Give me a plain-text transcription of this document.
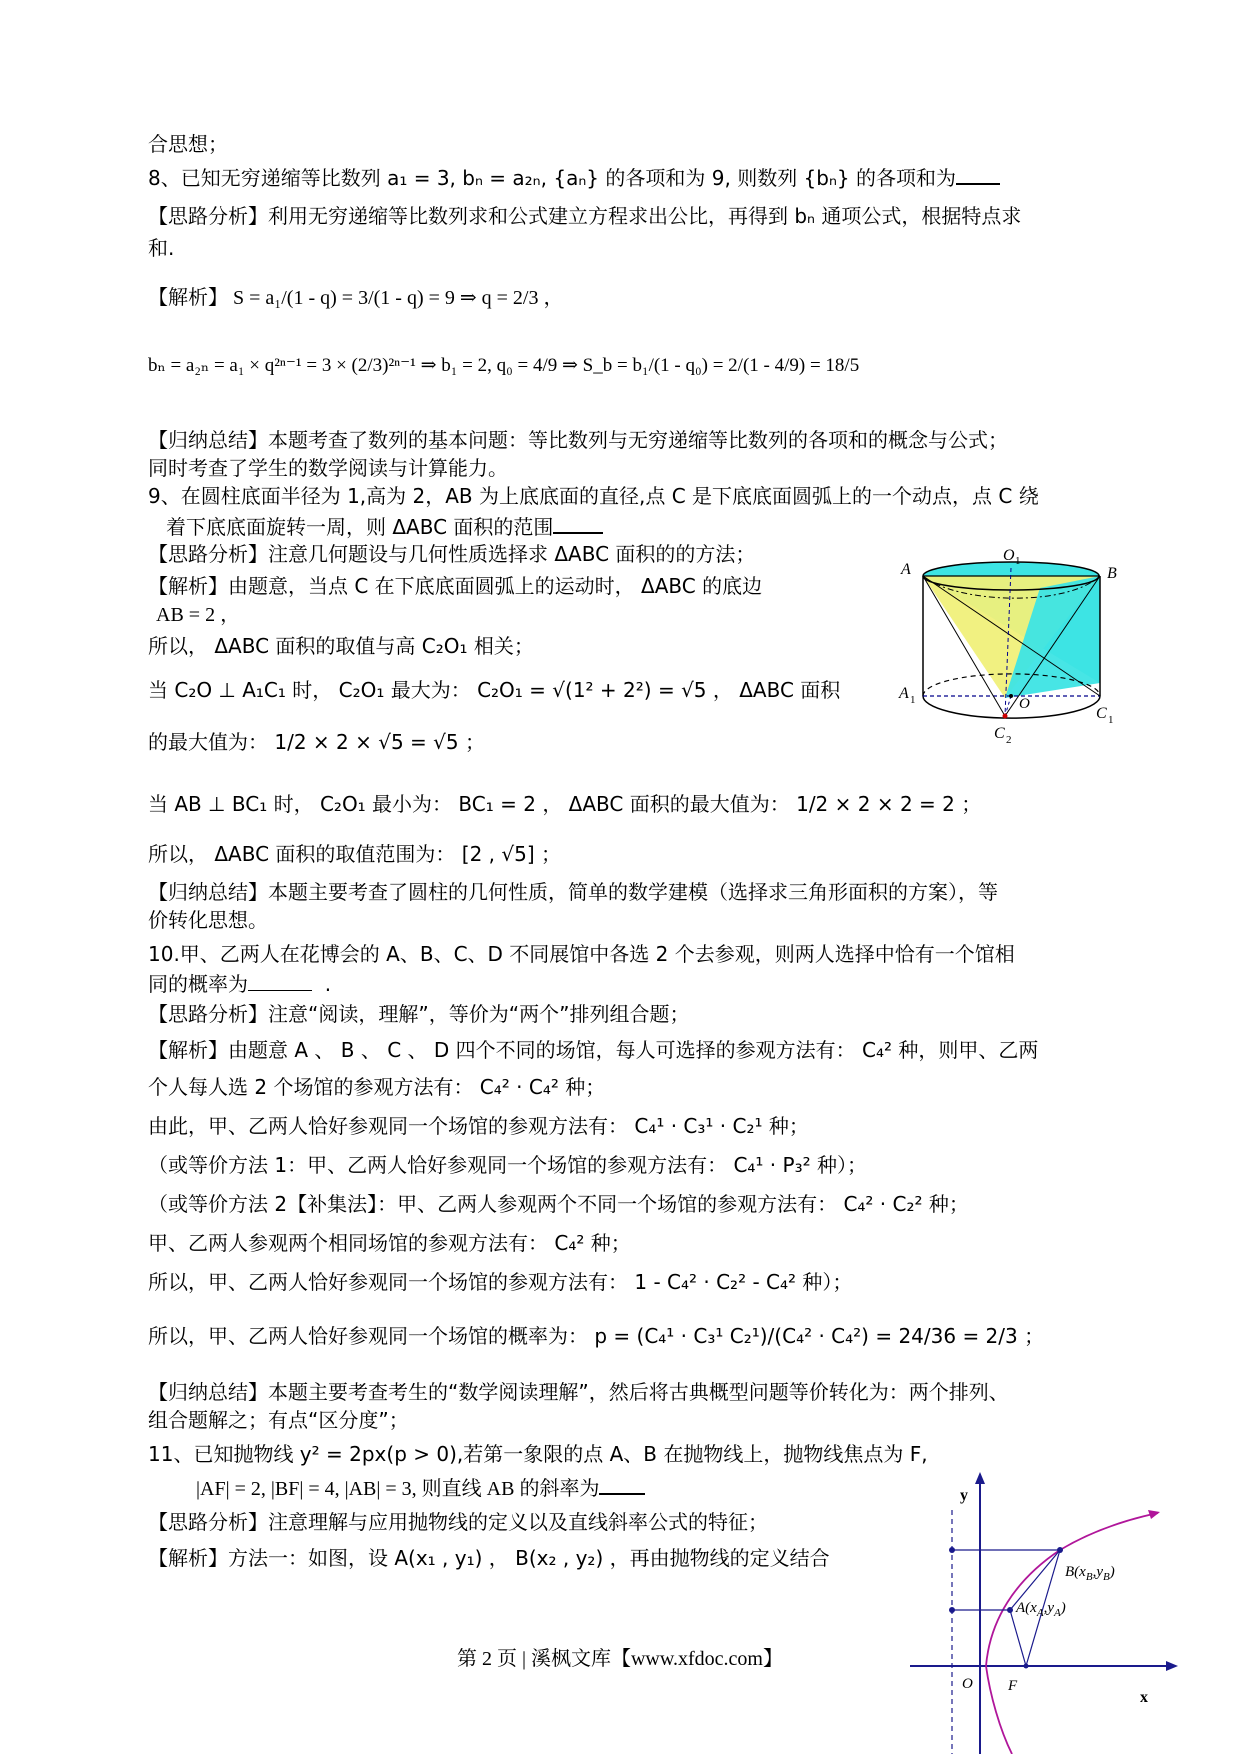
合思想；
8、已知无穷递缩等比数列 a₁ = 3, bₙ = a₂ₙ, {aₙ} 的各项和为 9, 则数列 {bₙ} 的各项和为
【思路分析】利用无穷递缩等比数列求和公式建立方程求出公比，再得到 bₙ 通项公式，根据特点求
和.
【解析】 S = a₁/(1 - q) = 3/(1 - q) = 9 ⇒ q = 2/3 ，
bₙ = a₂ₙ = a₁ × q²ⁿ⁻¹ = 3 × (2/3)²ⁿ⁻¹ ⇒ b₁ = 2, q₀ = 4/9 ⇒ S_b = b₁/(1 - q₀) = 2/(1 - 4/9) = 18/5
【归纳总结】本题考查了数列的基本问题：等比数列与无穷递缩等比数列的各项和的概念与公式；
同时考查了学生的数学阅读与计算能力。
9、在圆柱底面半径为 1,高为 2，AB 为上底底面的直径,点 C 是下底底面圆弧上的一个动点，点 C 绕
着下底底面旋转一周，则 ΔABC 面积的范围
【思路分析】注意几何题设与几何性质选择求 ΔABC 面积的的方法；
【解析】由题意，当点 C 在下底底面圆弧上的运动时， ΔABC 的底边
AB = 2 ，
所以， ΔABC 面积的取值与高 C₂O₁ 相关；
当 C₂O ⊥ A₁C₁ 时， C₂O₁ 最大为： C₂O₁ = √(1² + 2²) = √5 ， ΔABC 面积
的最大值为： 1/2 × 2 × √5 = √5 ；
当 AB ⊥ BC₁ 时， C₂O₁ 最小为： BC₁ = 2 ， ΔABC 面积的最大值为： 1/2 × 2 × 2 = 2 ；
所以， ΔABC 面积的取值范围为： [2 , √5] ；
【归纳总结】本题主要考查了圆柱的几何性质，简单的数学建模（选择求三角形面积的方案），等
价转化思想。
10.甲、乙两人在花博会的 A、B、C、D 不同展馆中各选 2 个去参观，则两人选择中恰有一个馆相
同的概率为	.
【思路分析】注意“阅读，理解”，等价为“两个”排列组合题；
【解析】由题意 A 、 B 、 C 、 D 四个不同的场馆，每人可选择的参观方法有： C₄² 种，则甲、乙两
个人每人选 2 个场馆的参观方法有： C₄² · C₄² 种；
由此，甲、乙两人恰好参观同一个场馆的参观方法有： C₄¹ · C₃¹ · C₂¹ 种；
（或等价方法 1：甲、乙两人恰好参观同一个场馆的参观方法有： C₄¹ · P₃² 种）；
（或等价方法 2【补集法】：甲、乙两人参观两个不同一个场馆的参观方法有： C₄² · C₂² 种；
甲、乙两人参观两个相同场馆的参观方法有： C₄² 种；
所以，甲、乙两人恰好参观同一个场馆的参观方法有： 1 - C₄² · C₂² - C₄² 种）；
所以，甲、乙两人恰好参观同一个场馆的概率为： p = (C₄¹ · C₃¹ C₂¹)/(C₄² · C₄²) = 24/36 = 2/3 ；
【归纳总结】本题主要考查考生的“数学阅读理解”，然后将古典概型问题等价转化为：两个排列、
组合题解之；有点“区分度”；
11、已知抛物线 y² = 2px(p > 0),若第一象限的点 A、B 在抛物线上，抛物线焦点为 F,
|AF| = 2, |BF| = 4, |AB| = 3, 则直线 AB 的斜率为
【思路分析】注意理解与应用抛物线的定义以及直线斜率公式的特征；
【解析】方法一：如图，设 A(x₁ , y₁) ， B(x₂ , y₂) ，再由抛物线的定义结合
A	B
O 1
A 1
C 1
C 2
O
y
x
O F
$B(x_B,y_B)$
$A(x_A,y_A)$
第 2 页 | 溪枫文库【www.xfdoc.com】
